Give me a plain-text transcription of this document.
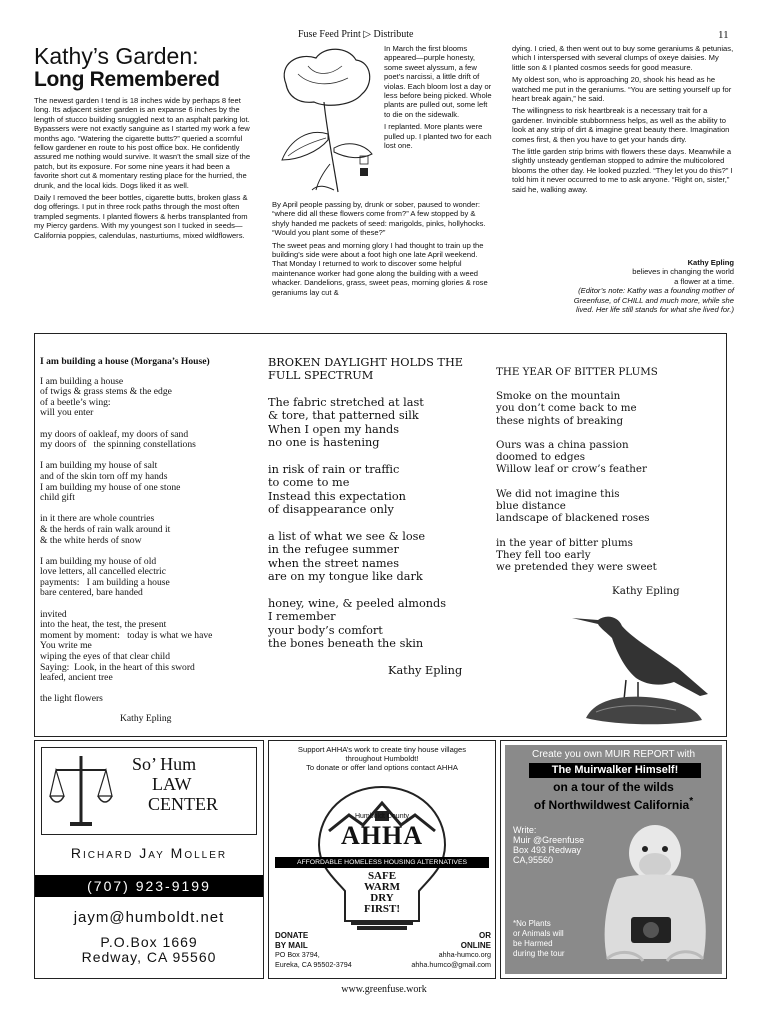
Fuse Feed Print ▷ Distribute	11
Kathy’s Garden:
Long Remembered

The newest garden I tend is 18 inches wide by perhaps 8 feet long. Its adjacent sister garden is an expanse 6 inches by the length of stucco building snuggled next to an asphalt parking lot. Bypassers were not exactly sanguine as I started my work a few months ago. “Watering the cigarette butts?” queried a scornful fellow gardener en route to his post office box. He confidently assured me nothing would survive. It wasn’t the small size of the patch, but its exposure. For some nine years it had been a favorite short cut & momentary resting place for the hurried, the drunk, and the local kids. Dogs liked it as well.

Daily I removed the beer bottles, cigarette butts, broken glass & dog offerings. I put in three rock paths through the most often trampled segments. I planted flowers & herbs transplanted from my Piercy gardens. With my youngest son I tucked in seeds—California poppies, calendulas, nasturtiums, mixed wildflowers.

In March the first blooms appeared—purple honesty, some sweet alyssum, a few poet’s narcissi, a little drift of violas. Each bloom lost a day or less before being picked. Whole plants are pulled out, some left to die on the sidewalk.

I replanted. More plants were pulled up. I planted two for each lost one.

By April people passing by, drunk or sober, paused to wonder: “where did all these flowers come from?” A few stopped by & shyly handed me packets of seed: marigolds, pinks, hollyhocks. “Would you plant some of these?”

The sweet peas and morning glory I had thought to train up the building’s side were about a foot high one late April weekend. That Monday I returned to work to discover some helpful maintenance worker had gone along the building with a weed whacker. Dandelions, grass, sweet peas, morning glories & rose geraniums lay cut &

dying. I cried, & then went out to buy some geraniums & petunias, which I interspersed with several clumps of oxeye daisies. My little son & I planted cosmos seeds for good measure.

My oldest son, who is approaching 20, shook his head as he watched me put in the geraniums. “You are setting yourself up for heart break again,” he said.

The willingness to risk heartbreak is a necessary trait for a gardener. Invincible stubbornness helps, as well as the ability to look at any strip of dirt & imagine great beauty there. Imagination comes first, & then you have to get your hands dirty.

The little garden strip brims with flowers these days. Meanwhile a slightly unsteady gentleman stopped to admire the multicolored blooms the other day. He looked puzzled. “They let you do this?” I told him it never occurred to me to ask anyone. “Right on, sister,” said he, walking away.

Kathy Epling
believes in changing the world
a flower at a time.
(Editor’s note: Kathy was a founding mother of
Greenfuse, of CHILL and much more, while she
lived. Her life still stands for what she lived for.)
I am building a house (Morgana’s House)
I am building a house
of twigs & grass stems & the edge
of a beetle’s wing:
will you enter

my doors of oakleaf, my doors of sand
my doors of   the spinning constellations

I am building my house of salt
and of the skin torn off my hands
I am building my house of one stone
child gift

in it there are whole countries
& the herds of rain walk around it
& the white herds of snow

I am building my house of old
love letters, all cancelled electric
payments:   I am building a house
bare centered, bare handed

invited
into the heat, the test, the present
moment by moment:   today is what we have
You write me
wiping the eyes of that clear child
Saying:  Look, in the heart of this sword
leafed, ancient tree

the light flowers
Kathy Epling
BROKEN DAYLIGHT HOLDS THE
FULL SPECTRUM
The fabric stretched at last
& tore, that patterned silk
When I open my hands
no one is hastening

in risk of rain or traffic
to come to me
Instead this expectation
of disappearance only

a list of what we see & lose
in the refugee summer
when the street names
are on my tongue like dark

honey, wine, & peeled almonds
I remember
your body’s comfort
the bones beneath the skin
Kathy Epling
THE YEAR OF BITTER PLUMS
Smoke on the mountain
you don’t come back to me
these nights of breaking

Ours was a china passion
doomed to edges
Willow leaf or crow’s feather

We did not imagine this
blue distance
landscape of blackened roses

in the year of bitter plums
They fell too early
we pretended they were sweet
Kathy Epling
So’ Hum
LAW
CENTER
Richard Jay Moller
(707) 923-9199
jaym@humboldt.net
P.O.Box 1669
Redway, CA 95560
Support AHHA’s work to create tiny house villages
throughout Humboldt!
To donate or offer land options contact AHHA
Humboldt County
AHHA
AFFORDABLE HOMELESS HOUSING ALTERNATIVES
SAFE
WARM
DRY
FIRST!
DONATE
BY MAIL
PO Box 3794,
Eureka, CA 95502-3794
OR
ONLINE
ahha-humco.org
ahha.humco@gmail.com
Create you own MUIR REPORT with
The Muirwalker Himself!
on a tour of the wilds
of Northwildwest California*
Write:
Muir @Greenfuse
Box 493 Redway
CA,95560
*No Plants
or Animals will
be Harmed
during the tour
www.greenfuse.work
